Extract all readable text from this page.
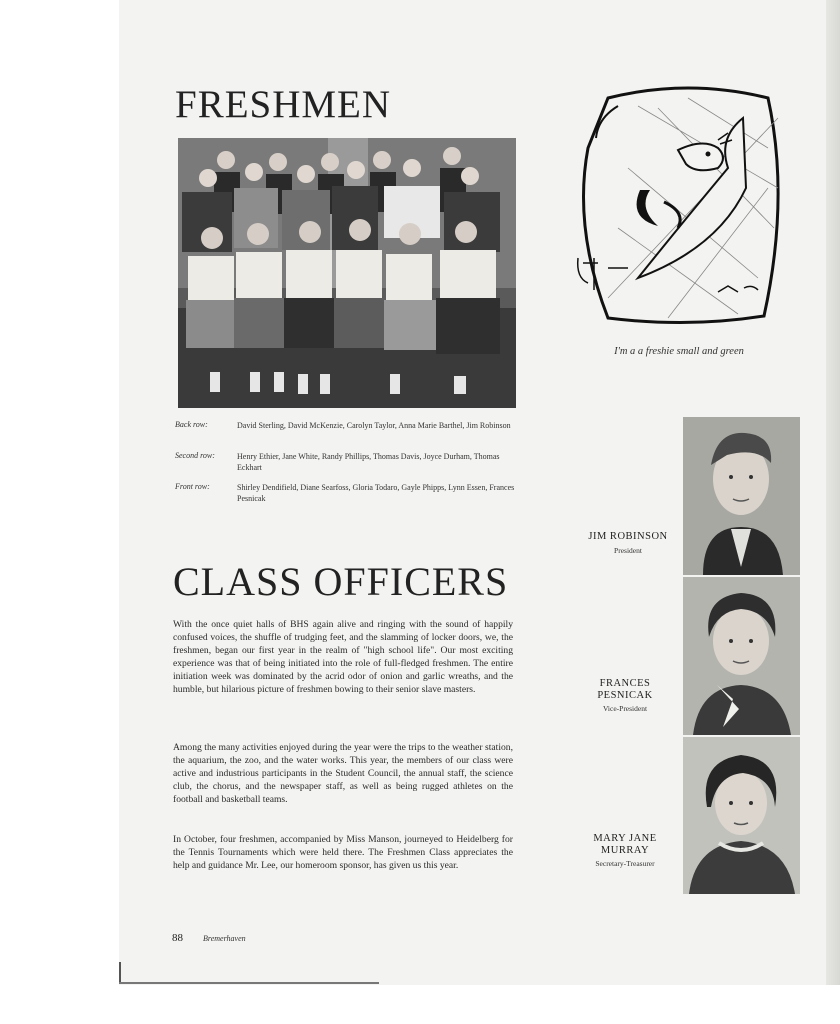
FRESHMEN
Back row:	David Sterling, David McKenzie, Carolyn Taylor, Anna Marie Barthel, Jim Robinson
Second row:	Henry Ethier, Jane White, Randy Phillips, Thomas Davis, Joyce Durham, Thomas Eckhart
Front row:	Shirley Dendifield, Diane Searfoss, Gloria Todaro, Gayle Phipps, Lynn Essen, Frances Pesnicak
CLASS OFFICERS
With the once quiet halls of BHS again alive and ringing with the sound of happily confused voices, the shuffle of trudging feet, and the slamming of locker doors, we, the freshmen, began our first year in the realm of "high school life". Our most exciting experience was that of being initiated into the role of full-fledged freshmen. The entire initiation week was dominated by the acrid odor of onion and garlic wreaths, and the humble, but hilarious picture of freshmen bowing to their senior slave masters.
Among the many activities enjoyed during the year were the trips to the weather station, the aquarium, the zoo, and the water works. This year, the members of our class were active and industrious participants in the Student Council, the annual staff, the science club, the chorus, and the newspaper staff, as well as being rugged athletes on the football and basketball teams.
In October, four freshmen, accompanied by Miss Manson, journeyed to Heidelberg for the Tennis Tournaments which were held there. The Freshmen Class appreciates the help and guidance Mr. Lee, our homeroom sponsor, has given us this year.
88	Bremerhaven
I'm a a freshie small and green
JIM ROBINSON
President
FRANCES
PESNICAK
Vice-President
MARY JANE
MURRAY
Secretary-Treasurer
